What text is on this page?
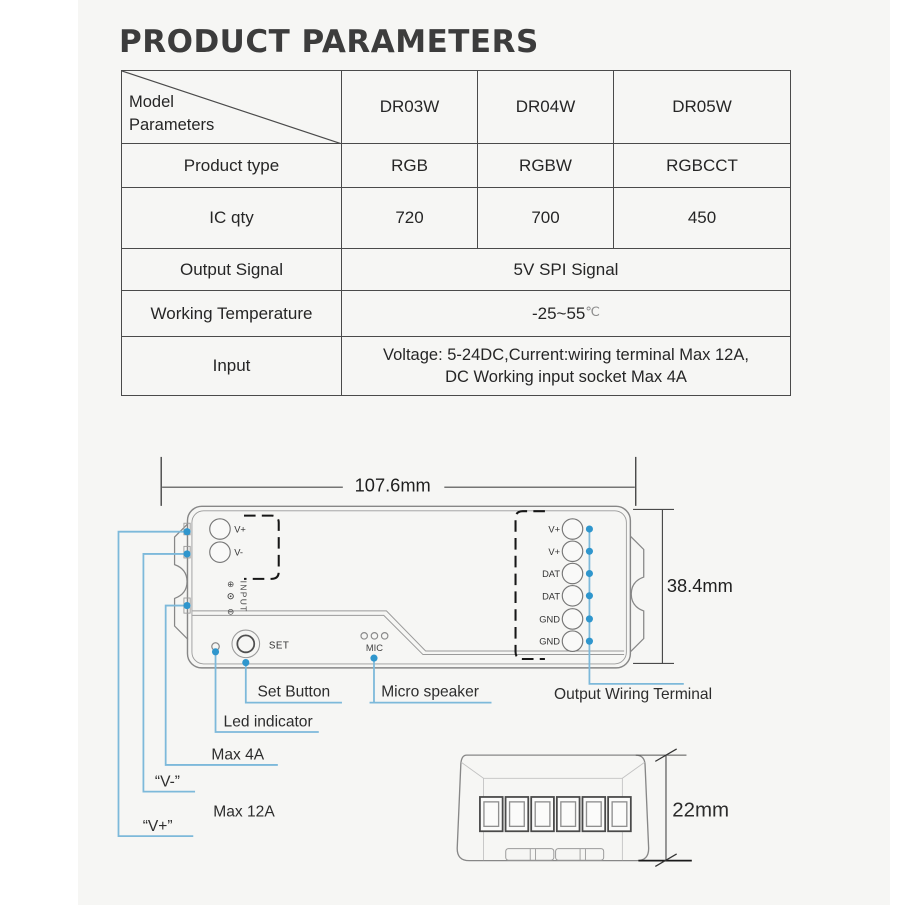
PRODUCT PARAMETERS
Model
Parameters	DR03W	DR04W	DR05W
Product type	RGB	RGBW	RGBCCT
IC qty	720	700	450
Output Signal	5V SPI Signal		
Working Temperature	-25~55℃		
Input	Voltage: 5-24DC,Current:wiring terminal Max 12A,
DC Working input socket Max 4A		
107.6mm
38.4mm
V+
V-
⊕
⊖ INPUT
SET	MIC
V+
V+
DAT
DAT
GND
GND
Set Button	Micro speaker	Output Wiring Terminal
Led indicator
Max 4A
“V-”
Max 12A
“V+”
22mm
